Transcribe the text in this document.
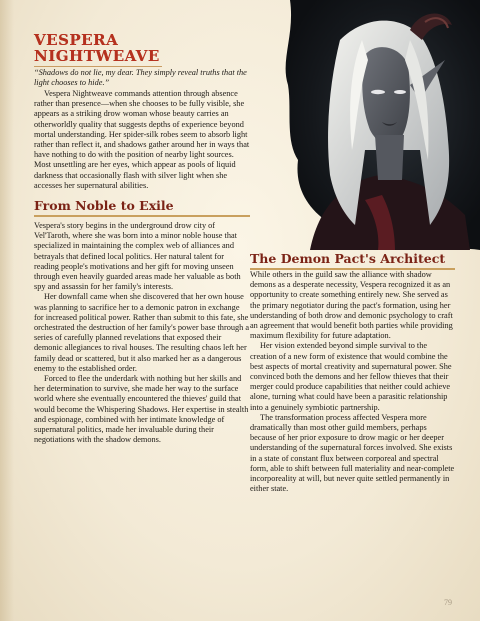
VESPERA
NIGHTWEAVE
“Shadows do not lie, my dear. They simply reveal truths that the light chooses to hide.”

Vespera Nightweave commands attention through absence rather than presence—when she chooses to be fully visible, she appears as a striking drow woman whose beauty carries an otherworldly quality that suggests depths of experience beyond mortal understanding. Her spider-silk robes seem to absorb light rather than reflect it, and shadows gather around her in ways that have nothing to do with the position of nearby light sources. Most unsettling are her eyes, which appear as pools of liquid darkness that occasionally flash with silver light when she accesses her supernatural abilities.

From Noble to Exile

Vespera's story begins in the underground drow city of Vel'Taroth, where she was born into a minor noble house that specialized in maintaining the complex web of alliances and betrayals that defined local politics. Her natural talent for reading people's motivations and her gift for moving unseen through even heavily guarded areas made her valuable as both spy and assassin for her family's interests.

Her downfall came when she discovered that her own house was planning to sacrifice her to a demonic patron in exchange for increased political power. Rather than submit to this fate, she orchestrated the destruction of her family's power base through a series of carefully planned revelations that exposed their demonic allegiances to rival houses. The resulting chaos left her family dead or scattered, but it also marked her as a dangerous enemy to the established order.

Forced to flee the underdark with nothing but her skills and her determination to survive, she made her way to the surface world where she eventually encountered the thieves' guild that would become the Whispering Shadows. Her expertise in stealth and espionage, combined with her intimate knowledge of supernatural politics, made her invaluable during their negotiations with the shadow demons.

The Demon Pact's Architect

While others in the guild saw the alliance with shadow demons as a desperate necessity, Vespera recognized it as an opportunity to create something entirely new. She served as the primary negotiator during the pact's formation, using her understanding of both drow and demonic psychology to craft an agreement that would benefit both parties while providing maximum flexibility for future adaptation.

Her vision extended beyond simple survival to the creation of a new form of existence that would combine the best aspects of mortal creativity and supernatural power. She convinced both the demons and her fellow thieves that their merger could produce capabilities that neither could achieve alone, turning what could have been a parasitic relationship into a genuinely symbiotic partnership.

The transformation process affected Vespera more dramatically than most other guild members, perhaps because of her prior exposure to drow magic or her deeper understanding of the supernatural forces involved. She exists in a state of constant flux between corporeal and spectral form, able to shift between full materiality and near-complete incorporeality at will, but never quite settled permanently in either state.

79
